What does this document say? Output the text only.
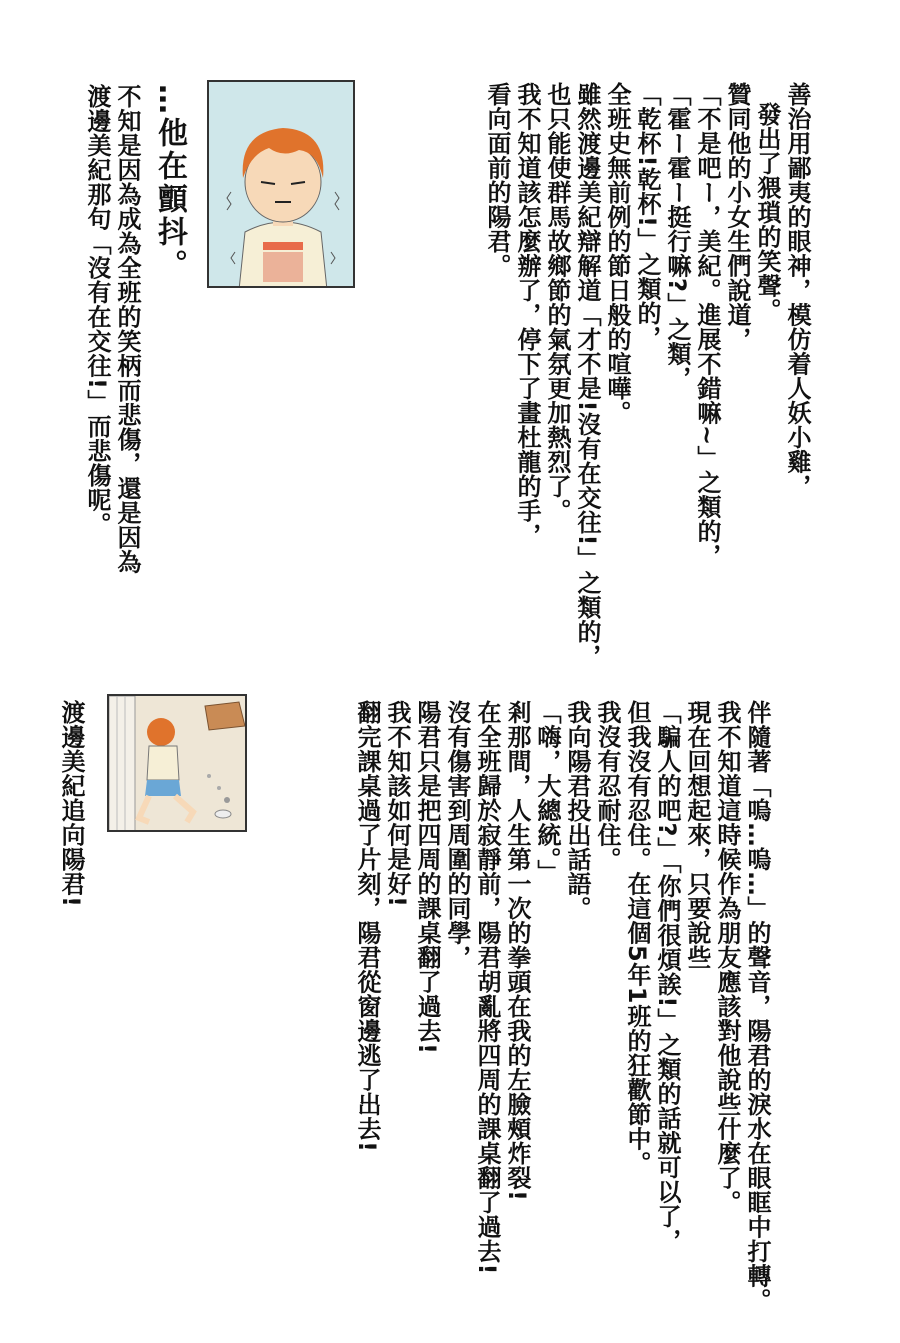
善治用鄙夷的眼神，模仿着人妖小雞，
發出了猥瑣的笑聲。
贊同他的小女生們說道，
「不是吧ー，美紀。進展不錯嘛~」之類的，
「霍ー霍ー挺行嘛?」之類，
「乾杯!乾杯!」之類的，
全班史無前例的節日般的喧嘩。
雖然渡邊美紀辯解道「才不是!沒有在交往!」之類的，
也只能使群馬故鄉節的氣氛更加熱烈了。
我不知道該怎麼辦了，停下了畫杜龍的手，
看向面前的陽君。
…他在顫抖。
不知是因為成為全班的笑柄而悲傷，還是因為
渡邊美紀那句「沒有在交往!」而悲傷呢。
伴隨著「嗚…嗚…」的聲音，陽君的淚水在眼眶中打轉。
我不知道這時候作為朋友應該對他說些什麼了。
現在回想起來，只要說些
「騙人的吧?」「你們很煩誒!」之類的話就可以了，
但我沒有忍住。在這個5年1班的狂歡節中。
我沒有忍耐住。
我向陽君投出話語。
「嗨，大總統。」
剎那間，人生第一次的拳頭在我的左臉頰炸裂!
在全班歸於寂靜前，陽君胡亂將四周的課桌翻了過去!
沒有傷害到周圍的同學，
陽君只是把四周的課桌翻了過去!
我不知該如何是好!
翻完課桌過了片刻，陽君從窗邊逃了出去!
渡邊美紀追向陽君!
